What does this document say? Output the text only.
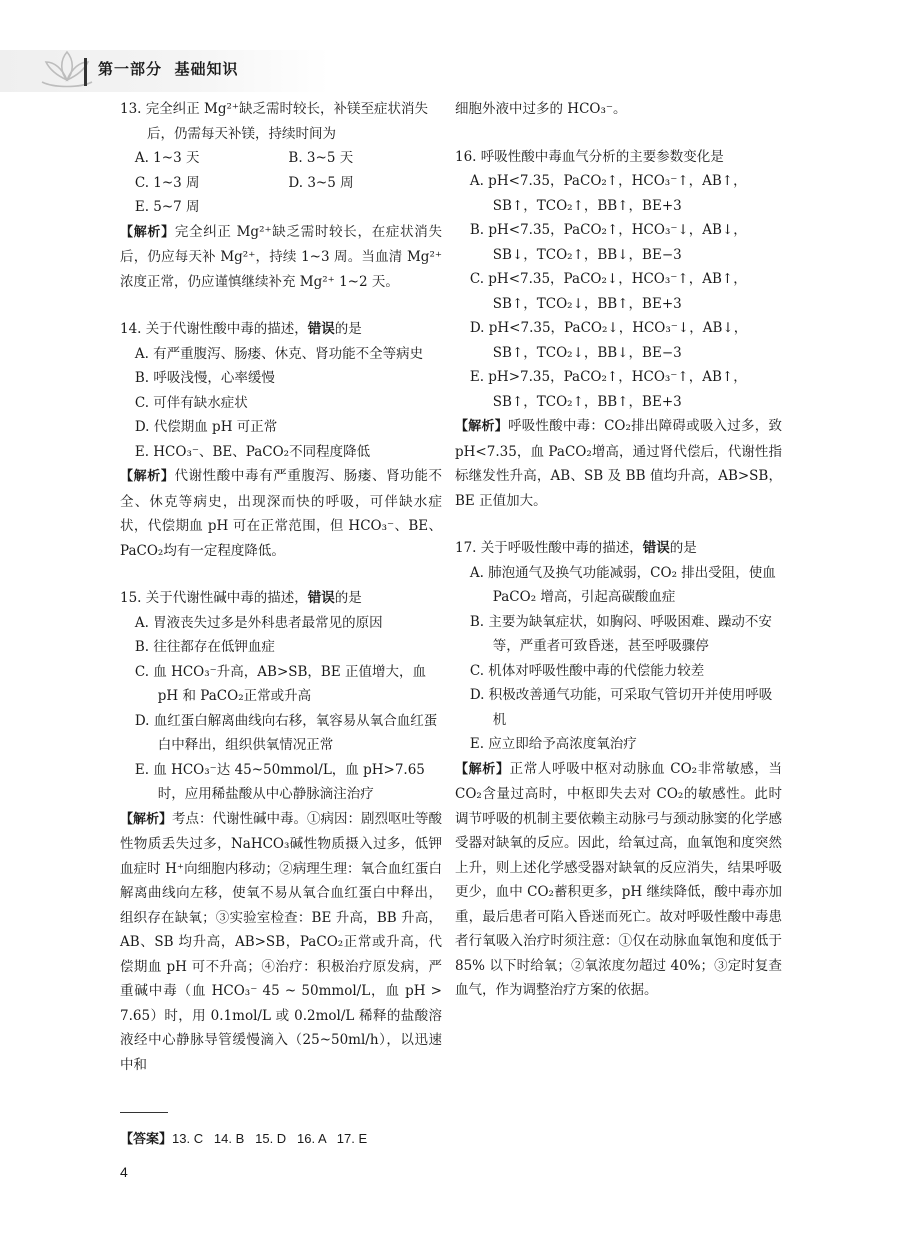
第一部分  基础知识
13. 完全纠正 Mg²⁺缺乏需时较长，补镁至症状消失后，仍需每天补镁，持续时间为
A. 1~3 天	B. 3~5 天
C. 1~3 周	D. 3~5 周
E. 5~7 周
【解析】完全纠正 Mg²⁺缺乏需时较长，在症状消失后，仍应每天补 Mg²⁺，持续 1~3 周。当血清 Mg²⁺浓度正常，仍应谨慎继续补充 Mg²⁺ 1~2 天。
14. 关于代谢性酸中毒的描述，错误的是
A. 有严重腹泻、肠瘘、休克、肾功能不全等病史
B. 呼吸浅慢，心率缓慢
C. 可伴有缺水症状
D. 代偿期血 pH 可正常
E. HCO₃⁻、BE、PaCO₂不同程度降低
【解析】代谢性酸中毒有严重腹泻、肠瘘、肾功能不全、休克等病史，出现深而快的呼吸，可伴缺水症状，代偿期血 pH 可在正常范围，但 HCO₃⁻、BE、PaCO₂均有一定程度降低。
15. 关于代谢性碱中毒的描述，错误的是
A. 胃液丧失过多是外科患者最常见的原因
B. 往往都存在低钾血症
C. 血 HCO₃⁻升高，AB>SB，BE 正值增大，血 pH 和 PaCO₂正常或升高
D. 血红蛋白解离曲线向右移，氧容易从氧合血红蛋白中释出，组织供氧情况正常
E. 血 HCO₃⁻达 45~50mmol/L，血 pH>7.65 时，应用稀盐酸从中心静脉滴注治疗
【解析】考点：代谢性碱中毒。①病因：剧烈呕吐等酸性物质丢失过多，NaHCO₃碱性物质摄入过多，低钾血症时 H⁺向细胞内移动；②病理生理：氧合血红蛋白解离曲线向左移，使氧不易从氧合血红蛋白中释出，组织存在缺氧；③实验室检查：BE 升高，BB 升高，AB、SB 均升高，AB>SB，PaCO₂正常或升高，代偿期血 pH 可不升高；④治疗：积极治疗原发病，严重碱中毒（血 HCO₃⁻ 45 ~ 50mmol/L，血 pH > 7.65）时，用 0.1mol/L 或 0.2mol/L 稀释的盐酸溶液经中心静脉导管缓慢滴入（25~50ml/h），以迅速中和
细胞外液中过多的 HCO₃⁻。
16. 呼吸性酸中毒血气分析的主要参数变化是
A. pH<7.35，PaCO₂↑，HCO₃⁻↑，AB↑，SB↑，TCO₂↑，BB↑，BE+3
B. pH<7.35，PaCO₂↑，HCO₃⁻↓，AB↓，SB↓，TCO₂↑，BB↓，BE−3
C. pH<7.35，PaCO₂↓，HCO₃⁻↑，AB↑，SB↑，TCO₂↓，BB↑，BE+3
D. pH<7.35，PaCO₂↓，HCO₃⁻↓，AB↓，SB↑，TCO₂↓，BB↓，BE−3
E. pH>7.35，PaCO₂↑，HCO₃⁻↑，AB↑，SB↑，TCO₂↑，BB↑，BE+3
【解析】呼吸性酸中毒：CO₂排出障碍或吸入过多，致 pH<7.35，血 PaCO₂增高，通过肾代偿后，代谢性指标继发性升高，AB、SB 及 BB 值均升高，AB>SB，BE 正值加大。
17. 关于呼吸性酸中毒的描述，错误的是
A. 肺泡通气及换气功能减弱，CO₂ 排出受阻，使血 PaCO₂ 增高，引起高碳酸血症
B. 主要为缺氧症状，如胸闷、呼吸困难、躁动不安等，严重者可致昏迷，甚至呼吸骤停
C. 机体对呼吸性酸中毒的代偿能力较差
D. 积极改善通气功能，可采取气管切开并使用呼吸机
E. 应立即给予高浓度氧治疗
【解析】正常人呼吸中枢对动脉血 CO₂非常敏感，当 CO₂含量过高时，中枢即失去对 CO₂的敏感性。此时调节呼吸的机制主要依赖主动脉弓与颈动脉窦的化学感受器对缺氧的反应。因此，给氧过高，血氧饱和度突然上升，则上述化学感受器对缺氧的反应消失，结果呼吸更少，血中 CO₂蓄积更多，pH 继续降低，酸中毒亦加重，最后患者可陷入昏迷而死亡。故对呼吸性酸中毒患者行氧吸入治疗时须注意：①仅在动脉血氧饱和度低于 85% 以下时给氧；②氧浓度勿超过 40%；③定时复查血气，作为调整治疗方案的依据。
【答案】13. C   14. B   15. D   16. A   17. E
4
